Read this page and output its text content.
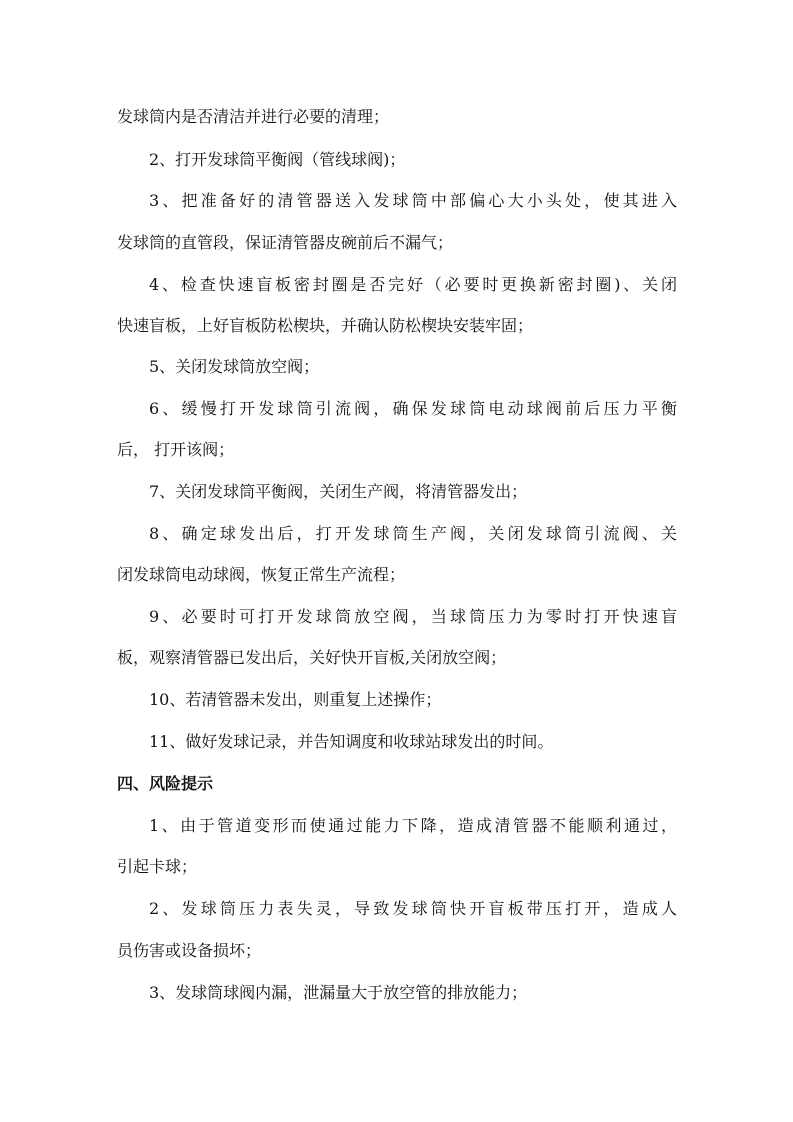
发球筒内是否清洁并进行必要的清理；
2、打开发球筒平衡阀（管线球阀)；
3、把准备好的清管器送入发球筒中部偏心大小头处，使其进入
发球筒的直管段，保证清管器皮碗前后不漏气；
4、检查快速盲板密封圈是否完好（必要时更换新密封圈)、关闭
快速盲板，上好盲板防松楔块，并确认防松楔块安装牢固；
5、关闭发球筒放空阀；
6、缓慢打开发球筒引流阀，确保发球筒电动球阀前后压力平衡
后， 打开该阀；
7、关闭发球筒平衡阀，关闭生产阀，将清管器发出；
8、确定球发出后，打开发球筒生产阀，关闭发球筒引流阀、关
闭发球筒电动球阀，恢复正常生产流程；
9、必要时可打开发球筒放空阀，当球筒压力为零时打开快速盲
板，观察清管器已发出后，关好快开盲板,关闭放空阀；
10、若清管器未发出，则重复上述操作；
11、做好发球记录，并告知调度和收球站球发出的时间。
四、风险提示
1、由于管道变形而使通过能力下降，造成清管器不能顺利通过，
引起卡球；
2、发球筒压力表失灵，导致发球筒快开盲板带压打开，造成人
员伤害或设备损坏；
3、发球筒球阀内漏，泄漏量大于放空管的排放能力；
